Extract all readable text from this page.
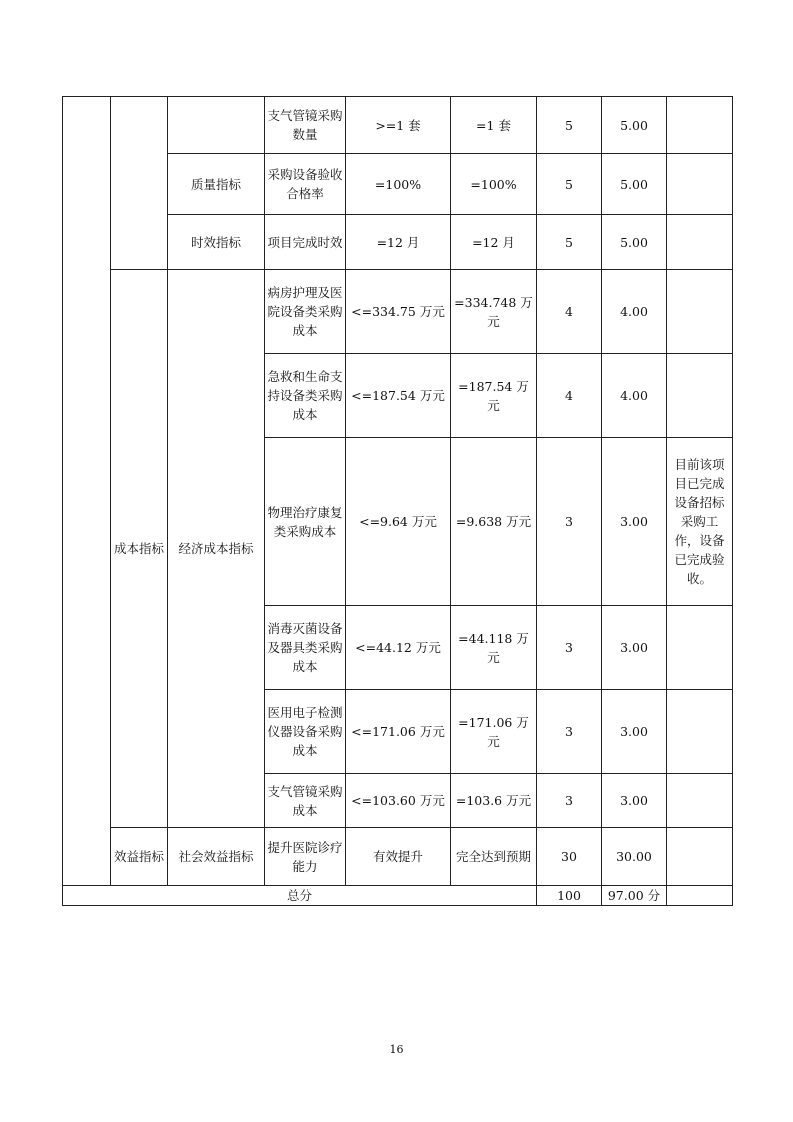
			支气管镜采购数量	>=1 套	=1 套	5	5.00	
		质量指标	采购设备验收合格率	=100%	=100%	5	5.00	
		时效指标	项目完成时效	=12 月	=12 月	5	5.00	
	成本指标	经济成本指标	病房护理及医院设备类采购成本	<=334.75 万元	=334.748 万元	4	4.00	
			急救和生命支持设备类采购成本	<=187.54 万元	=187.54 万元	4	4.00	
			物理治疗康复类采购成本	<=9.64 万元	=9.638 万元	3	3.00	目前该项目已完成设备招标采购工作，设备已完成验收。
			消毒灭菌设备及器具类采购成本	<=44.12 万元	=44.118 万元	3	3.00	
			医用电子检测仪器设备采购成本	<=171.06 万元	=171.06 万元	3	3.00	
			支气管镜采购成本	<=103.60 万元	=103.6 万元	3	3.00	
	效益指标	社会效益指标	提升医院诊疗能力	有效提升	完全达到预期	30	30.00	
总分						100	97.00 分	
16
